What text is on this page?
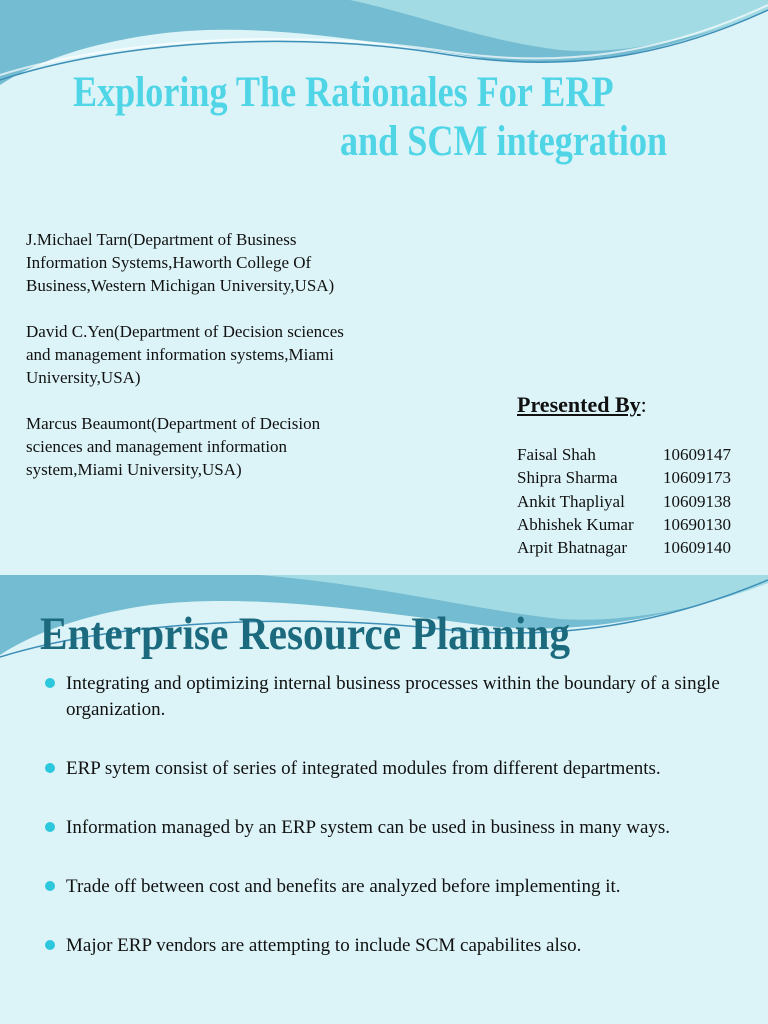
Exploring The Rationales For ERP
and SCM integration

J.Michael Tarn(Department of Business Information Systems,Haworth College Of Business,Western Michigan University,USA)

David C.Yen(Department of Decision sciences and management information systems,Miami University,USA)

Marcus Beaumont(Department of Decision sciences and management information system,Miami University,USA)

Presented By:
Faisal Shah	10609147
Shipra Sharma	10609173
Ankit Thapliyal	10609138
Abhishek Kumar	10690130
Arpit Bhatnagar	10609140
Enterprise Resource Planning
Integrating and optimizing internal business processes within the boundary of a single organization.
ERP sytem consist of series of integrated modules from different departments.
Information managed by an ERP system can be used in business in many ways.
Trade off between cost and benefits are analyzed before implementing it.
Major ERP vendors are attempting to include SCM capabilites also.
